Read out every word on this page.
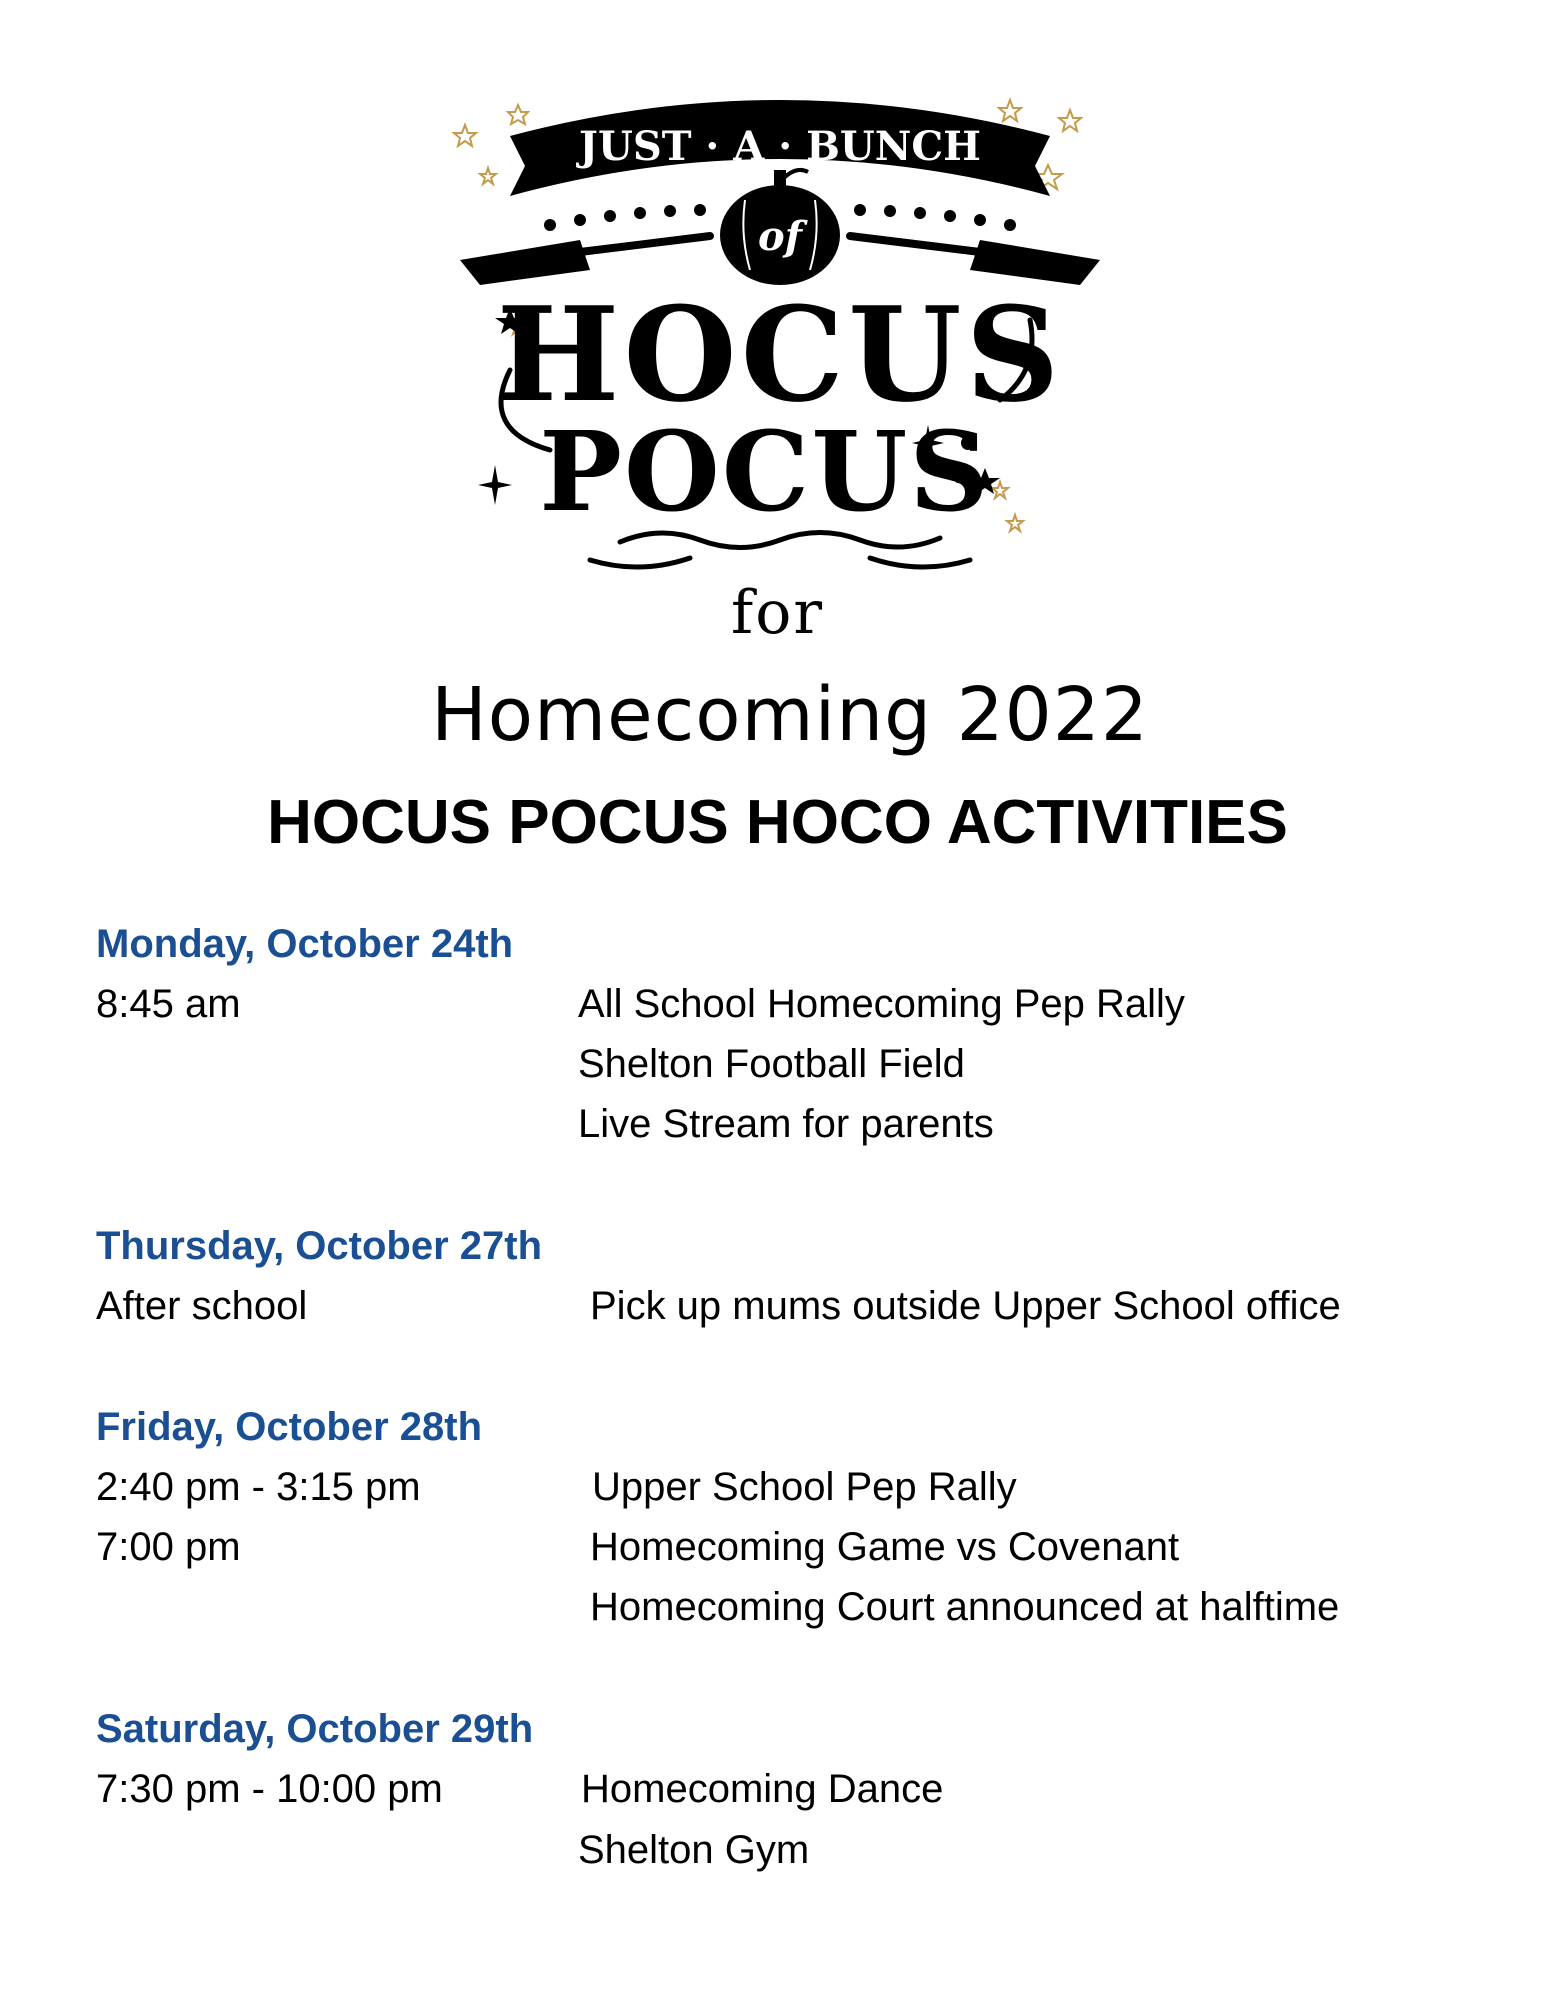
JUST · A · BUNCH
of
HOCUS
POCUS
for
Homecoming 2022
HOCUS POCUS HOCO ACTIVITIES
Monday, October 24th
8:45 am	All School Homecoming Pep Rally
Shelton Football Field
Live Stream for parents
Thursday, October 27th
After school	Pick up mums outside Upper School office
Friday, October 28th
2:40 pm - 3:15 pm	Upper School Pep Rally
7:00 pm	Homecoming Game vs Covenant
Homecoming Court announced at halftime
Saturday, October 29th
7:30 pm - 10:00 pm	Homecoming Dance
Shelton Gym
